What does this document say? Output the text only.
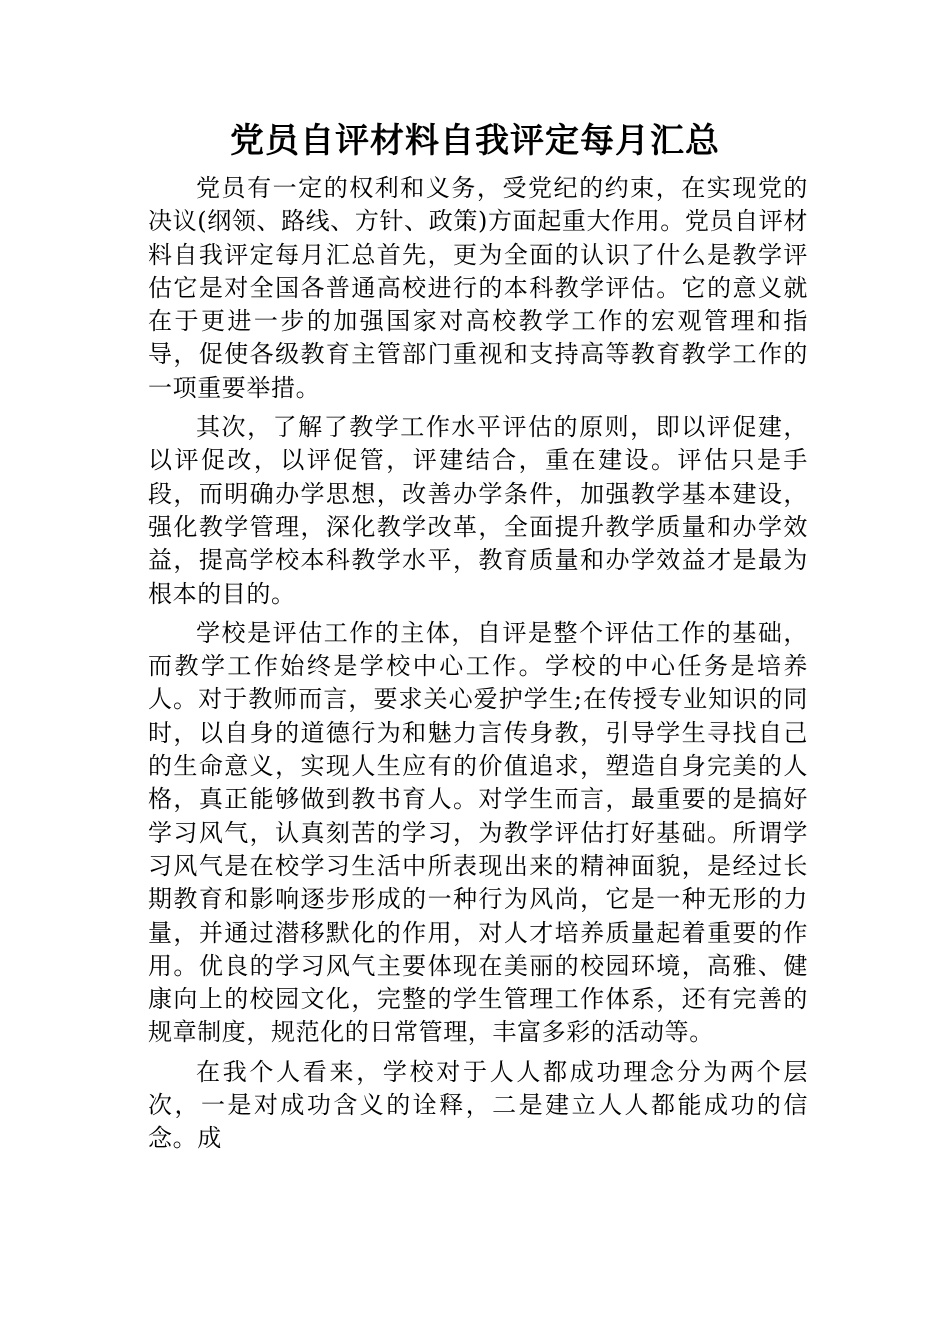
党员自评材料自我评定每月汇总

党员有一定的权利和义务，受党纪的约束，在实现党的决议(纲领、路线、方针、政策)方面起重大作用。党员自评材料自我评定每月汇总首先，更为全面的认识了什么是教学评估它是对全国各普通高校进行的本科教学评估。它的意义就在于更进一步的加强国家对高校教学工作的宏观管理和指导，促使各级教育主管部门重视和支持高等教育教学工作的一项重要举措。

其次，了解了教学工作水平评估的原则，即以评促建，以评促改，以评促管，评建结合，重在建设。评估只是手段，而明确办学思想，改善办学条件，加强教学基本建设，强化教学管理，深化教学改革，全面提升教学质量和办学效益，提高学校本科教学水平，教育质量和办学效益才是最为根本的目的。

学校是评估工作的主体，自评是整个评估工作的基础，而教学工作始终是学校中心工作。学校的中心任务是培养人。对于教师而言，要求关心爱护学生;在传授专业知识的同时，以自身的道德行为和魅力言传身教，引导学生寻找自己的生命意义，实现人生应有的价值追求，塑造自身完美的人格，真正能够做到教书育人。对学生而言，最重要的是搞好学习风气，认真刻苦的学习，为教学评估打好基础。所谓学习风气是在校学习生活中所表现出来的精神面貌，是经过长期教育和影响逐步形成的一种行为风尚，它是一种无形的力量，并通过潜移默化的作用，对人才培养质量起着重要的作用。优良的学习风气主要体现在美丽的校园环境，高雅、健康向上的校园文化，完整的学生管理工作体系，还有完善的规章制度，规范化的日常管理，丰富多彩的活动等。

在我个人看来，学校对于人人都成功理念分为两个层次，一是对成功含义的诠释，二是建立人人都能成功的信念。成
